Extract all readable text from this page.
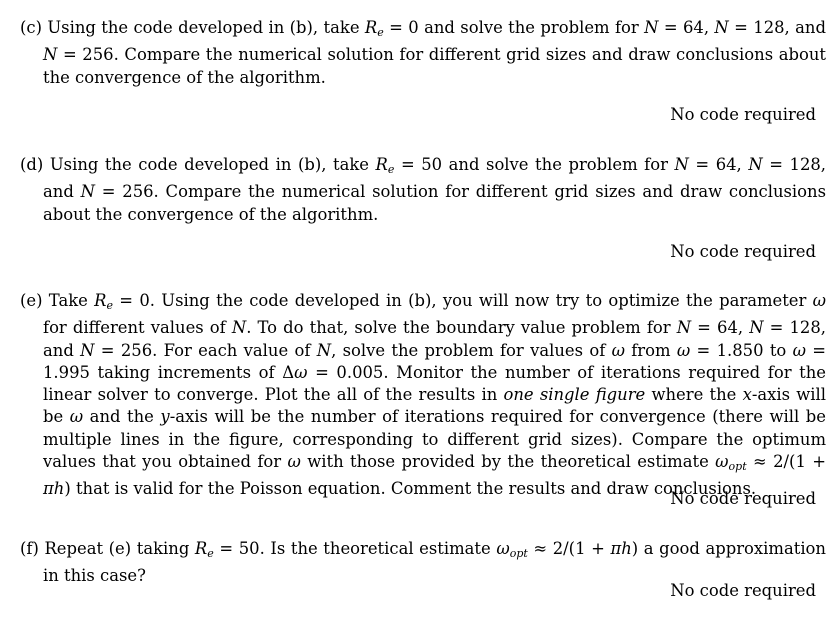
(c) Using the code developed in (b), take $R_e = 0$ and solve the problem for N = 64, N = 128, and N = 256. Compare the numerical solution for different grid sizes and draw conclusions about the convergence of the algorithm.

No code required

(d) Using the code developed in (b), take $R_e = 50$ and solve the problem for N = 64, N = 128, and N = 256. Compare the numerical solution for different grid sizes and draw conclusions about the convergence of the algorithm.

No code required

(e) Take $R_e = 0$. Using the code developed in (b), you will now try to optimize the parameter ω for different values of N. To do that, solve the boundary value problem for N = 64, N = 128, and N = 256. For each value of N, solve the problem for values of ω from ω = 1.850 to ω = 1.995 taking increments of Δω = 0.005. Monitor the number of iterations required for the linear solver to converge. Plot the all of the results in one single figure where the x-axis will be ω and the y-axis will be the number of iterations required for convergence (there will be multiple lines in the figure, corresponding to different grid sizes). Compare the optimum values that you obtained for ω with those provided by the theoretical estimate $\omega_{opt} \approx 2/(1 + \pi h)$ that is valid for the Poisson equation. Comment the results and draw conclusions.

No code required

(f) Repeat (e) taking $R_e = 50$. Is the theoretical estimate $\omega_{opt} \approx 2/(1 + \pi h)$ a good approximation in this case?

No code required
